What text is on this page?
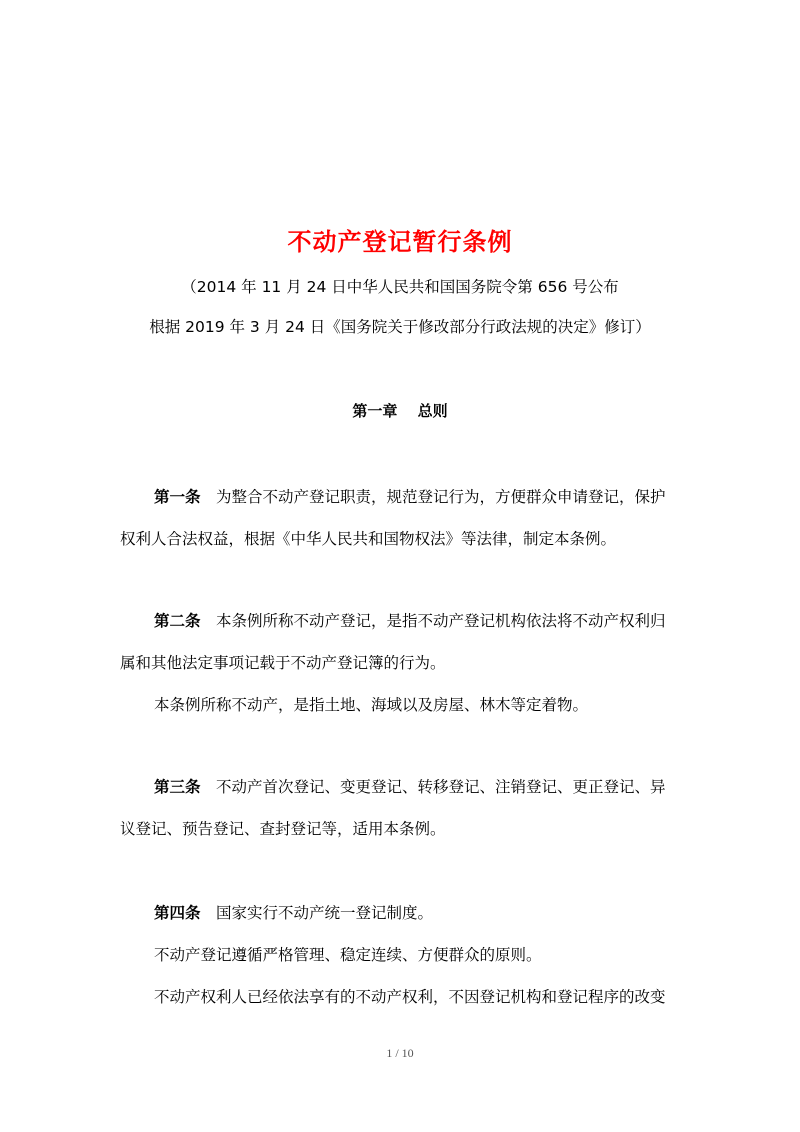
不动产登记暂行条例
（2014 年 11 月 24 日中华人民共和国国务院令第 656 号公布
根据 2019 年 3 月 24 日《国务院关于修改部分行政法规的决定》修订）
第一章　 总则
第一条　 为整合不动产登记职责，规范登记行为，方便群众申请登记，保护
权利人合法权益，根据《中华人民共和国物权法》等法律，制定本条例。
第二条　 本条例所称不动产登记，是指不动产登记机构依法将不动产权利归
属和其他法定事项记载于不动产登记簿的行为。
本条例所称不动产，是指土地、海域以及房屋、林木等定着物。
第三条　 不动产首次登记、变更登记、转移登记、注销登记、更正登记、异
议登记、预告登记、查封登记等，适用本条例。
第四条　 国家实行不动产统一登记制度。
不动产登记遵循严格管理、稳定连续、方便群众的原则。
不动产权利人已经依法享有的不动产权利，不因登记机构和登记程序的改变
1 / 10
